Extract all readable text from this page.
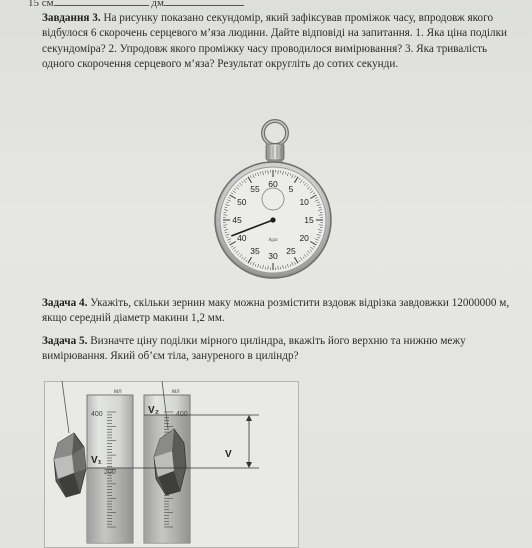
15 см	дм
Завдання 3. На рисунку показано секундомір, який зафіксував проміжок часу, впродовж якого відбулося 6 скорочень серцевого м’яза людини. Дайте відповіді на запитання. 1. Яка ціна поділки секундоміра? 2. Упродовж якого проміжку часу проводилося вимірювання? 3. Яка тривалість одного скорочення серцевого м’яза? Результат округліть до сотих секунди.
60 5
10
15
20
25
30
35
40
45
50
55
Agat
Задача 4. Укажіть, скільки зернин маку можна розмістити вздовж відрізка завдовжки 12000000 м, якщо середній діаметр макини 1,2 мм.
Задача 5. Визначте ціну поділки мірного циліндра, вкажіть його верхню та нижню межу вимірювання. Який об’єм тіла, зануреного в циліндр?
мл
400
200
V₁
мл
400
V₂
V
